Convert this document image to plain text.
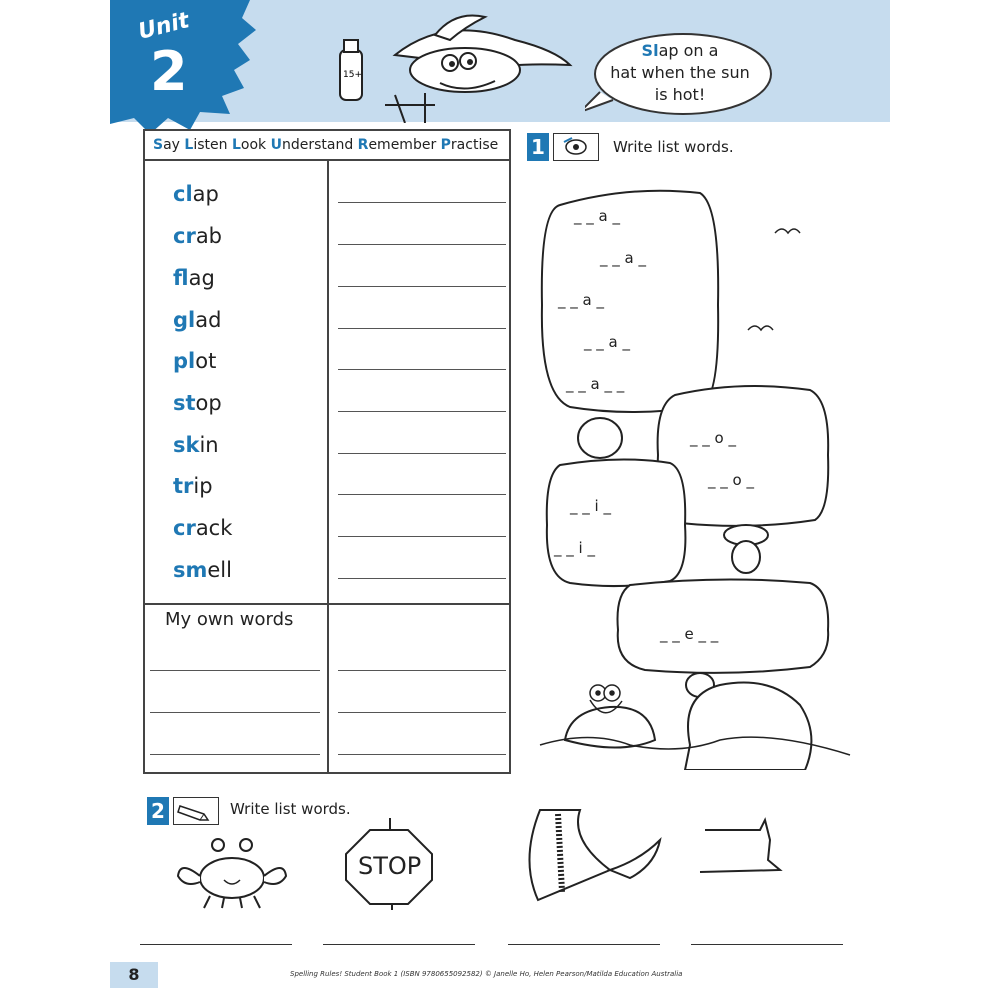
Unit
2	15+
Slap on a
hat when the sun
is hot!
Say Listen Look Understand Remember Practise
clap
crab
flag
glad
plot
stop
skin
trip
crack
smell
My own words
1	Write list words.
_ _ a _
_ _ a _
_ _ a _
_ _ a _
_ _ a _ _
_ _ o _
_ _ o _
_ _ i _
_ _ i _
_ _ e _ _
2	Write list words.
STOP
8	Spelling Rules! Student Book 1 (ISBN 9780655092582) © Janelle Ho, Helen Pearson/Matilda Education Australia
